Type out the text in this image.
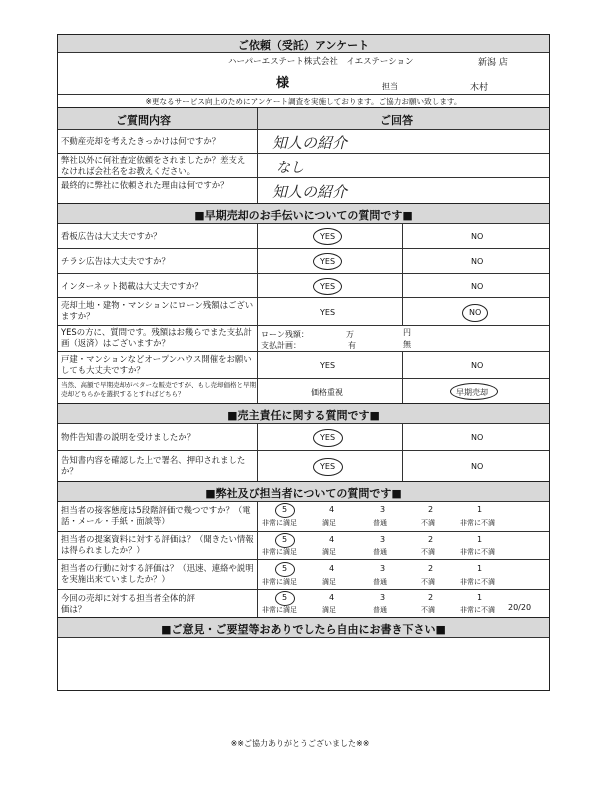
ご依頼（受託）アンケート
ハーパーエステート株式会社　イエステーション	新潟 店
様	担当	木村
※更なるサービス向上のためにアンケート調査を実施しております。ご協力お願い致します。
ご質問内容	ご回答
不動産売却を考えたきっかけは何ですか？	知人の紹介
弊社以外に何社査定依頼をされましたか？差支えなければ会社名をお教えください。	なし
最終的に弊社に依頼された理由は何ですか？	知人の紹介
■早期売却のお手伝いについての質問です■
看板広告は大丈夫ですか？	YES	NO
チラシ広告は大丈夫ですか？	YES	NO
インターネット掲載は大丈夫ですか？	YES	NO
売却土地・建物・マンションにローン残額はございますか？	YES	NO
YESの方に、質問です。残額はお幾らでまた支払計画（返済）はございますか？
ローン残額：	万	円
支払計画：	有	無
戸建・マンションなどオープンハウス開催をお願いしても大丈夫ですか？	YES	NO
当然、高額で早期売却がベターな販売ですが、もし売却価格と早期売却どちらかを選択するとすればどちら？	価格重視	早期売却
■売主責任に関する質問です■
物件告知書の説明を受けましたか？	YES	NO
告知書内容を確認した上で署名、押印されましたか？	YES	NO
■弊社及び担当者についての質問です■
担当者の接客態度は5段階評価で幾つですか？（電話・メール・手紙・面談等）
5	4	3	2	1
非常に満足	満足	普通	不満	非常に不満
担当者の提案資料に対する評価は？（聞きたい情報は得られましたか？）
5	4	3	2	1
非常に満足	満足	普通	不満	非常に不満
担当者の行動に対する評価は？（迅速、連絡や説明を実施出来ていましたか？）
5	4	3	2	1
非常に満足	満足	普通	不満	非常に不満
今回の売却に対する担当者全体的評価は？
5	4	3	2	1
非常に満足	満足	普通	不満	非常に不満 20/20
■ご意見・ご要望等おありでしたら自由にお書き下さい■
※※ご協力ありがとうございました※※
